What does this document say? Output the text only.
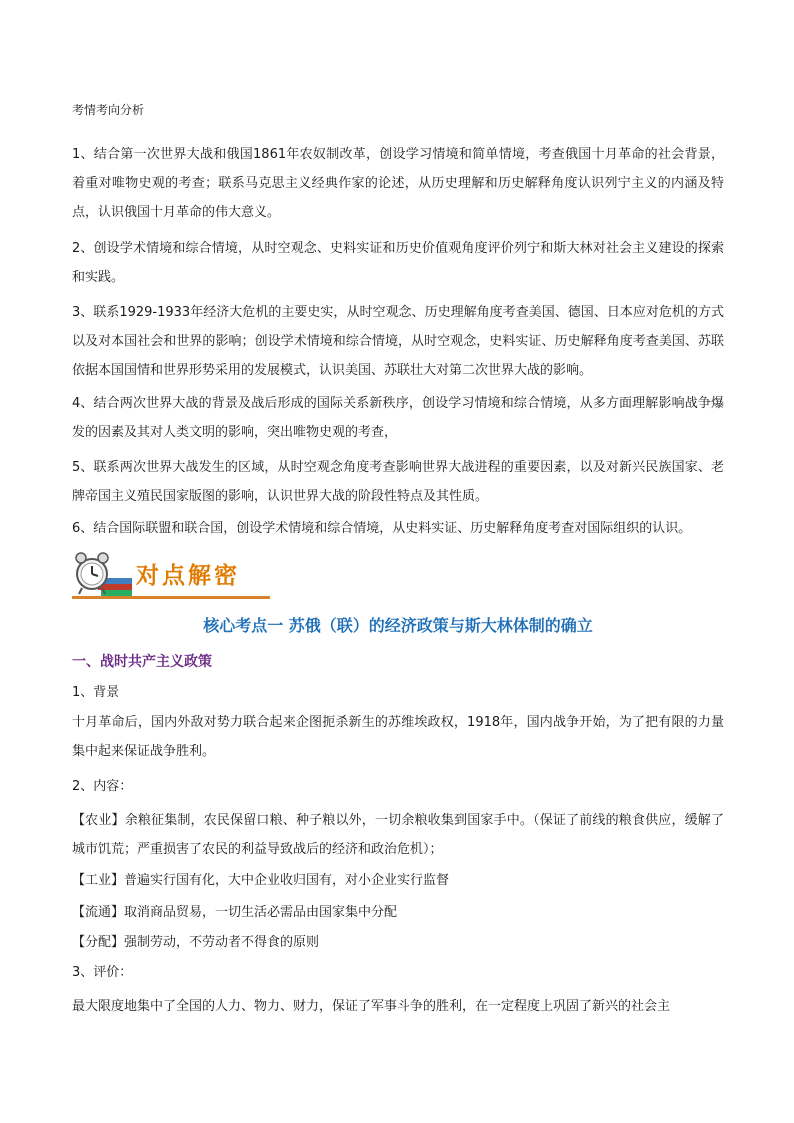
考情考向分析

1、结合第一次世界大战和俄国1861年农奴制改革，创设学习情境和简单情境，考查俄国十月革命的社会背景，着重对唯物史观的考查；联系马克思主义经典作家的论述，从历史理解和历史解释角度认识列宁主义的内涵及特点，认识俄国十月革命的伟大意义。

2、创设学术情境和综合情境，从时空观念、史料实证和历史价值观角度评价列宁和斯大林对社会主义建设的探索和实践。

3、联系1929-1933年经济大危机的主要史实，从时空观念、历史理解角度考查美国、德国、日本应对危机的方式以及对本国社会和世界的影响；创设学术情境和综合情境，从时空观念，史料实证、历史解释角度考查美国、苏联依据本国国情和世界形势采用的发展模式，认识美国、苏联壮大对第二次世界大战的影响。

4、结合两次世界大战的背景及战后形成的国际关系新秩序，创设学习情境和综合情境，从多方面理解影响战争爆发的因素及其对人类文明的影响，突出唯物史观的考查，

5、联系两次世界大战发生的区域，从时空观念角度考查影响世界大战进程的重要因素，以及对新兴民族国家、老牌帝国主义殖民国家版图的影响，认识世界大战的阶段性特点及其性质。

6、结合国际联盟和联合国，创设学术情境和综合情境，从史料实证、历史解释角度考查对国际组织的认识。

对点解密
核心考点一 苏俄（联）的经济政策与斯大林体制的确立
一、战时共产主义政策

1、背景

十月革命后，国内外敌对势力联合起来企图扼杀新生的苏维埃政权，1918年，国内战争开始，为了把有限的力量集中起来保证战争胜利。

2、内容：

【农业】余粮征集制，农民保留口粮、种子粮以外，一切余粮收集到国家手中。（保证了前线的粮食供应，缓解了城市饥荒；严重损害了农民的利益导致战后的经济和政治危机）；

【工业】普遍实行国有化，大中企业收归国有，对小企业实行监督

【流通】取消商品贸易，一切生活必需品由国家集中分配

【分配】强制劳动，不劳动者不得食的原则

3、评价：

最大限度地集中了全国的人力、物力、财力，保证了军事斗争的胜利，在一定程度上巩固了新兴的社会主
